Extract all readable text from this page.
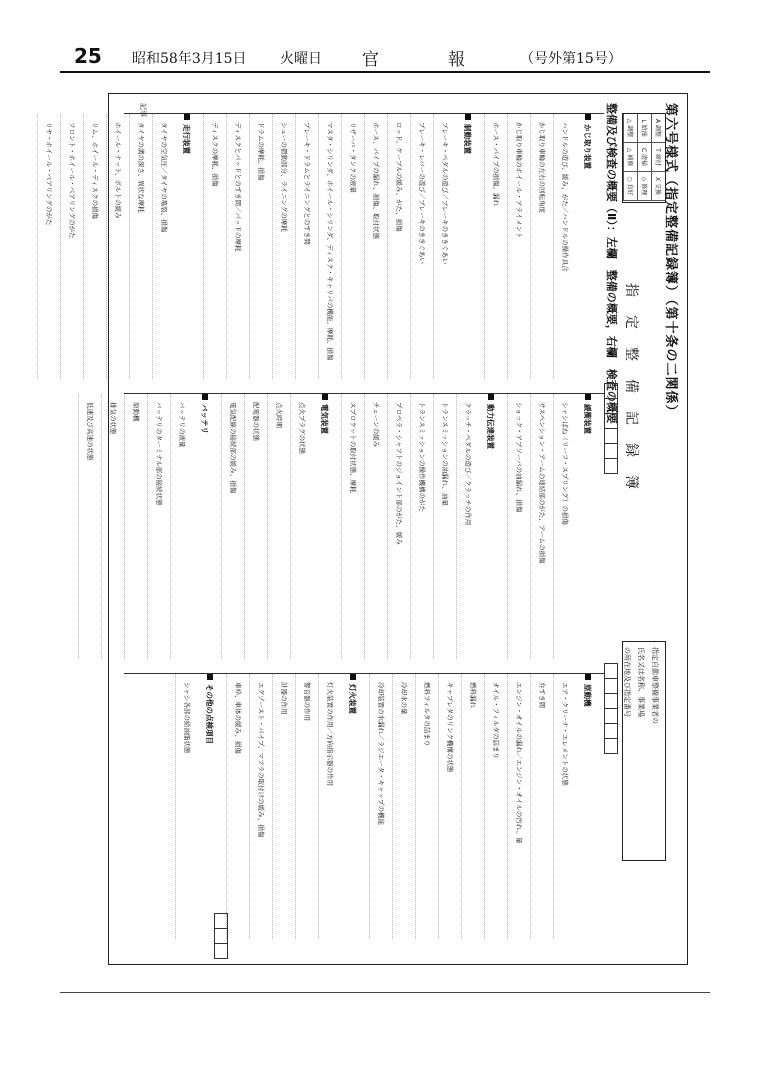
25 昭和58年3月15日 火曜日 官	報	（号外第15号）
第六号様式（指定整備記録簿）（第十条の二関係）
指定整備記録簿
A 調整
T 締付
X 交換
L 給油
C 清掃
◇ 修理
△ 調整
△ 補修
○ 良好
指定自動車整備事業者の
氏名又は名称、事業場
の所在地及び指定番号
整備及び検査の概要（Ⅱ）：左欄　整備の概要，右欄　検査の概要
かじ取り装置
ハンドルの遊び、緩み、がた／ハンドルの操作具合
かじ取り車輪の左右の回転角度
かじ取り車輪のホイール・アライメント
ホース・パイプの損傷、漏れ
制動装置
ブレーキ・ペダルの遊び／ブレーキのききぐあい
ブレーキ・レバーの遊び／ブレーキのききぐあい
ロッド、ケーブルの緩み、がた、損傷
ホース、パイプの漏れ、損傷、取付状態
リザーバ・タンクの液量
マスタ・シリンダ、ホイール・シリンダ、ディスク・キャリパの機能、摩耗、損傷
ブレーキ・ドラムとライニングとのすき間
シューの摺動部分、ライニングの摩耗
ドラムの摩耗、損傷
ディスクとパッドとのすき間／パッドの摩耗
ディスクの摩耗、損傷
走行装置
タイヤの空気圧／タイヤの亀裂、損傷
タイヤの溝の深さ、異状な摩耗
ホイール・ナット、ボルトの緩み
リム、ホイール・ディスクの損傷
フロント・ホイール・ベアリングのがた
リヤ・ホイール・ベアリングのがた
緩衝装置
シャシばね（リーフ・スプリング）の損傷
サスペンション・アームの連結部のがた、アームの損傷
ショック・アブソーバの油漏れ、損傷
動力伝達装置
クラッチ・ペダルの遊び／クラッチの作用
トランスミッションの油漏れ、油量
トランスミッションの操作機構のがた
プロペラ・シャフトのジョイント部のがた、緩み
チェーンの緩み
スプロケットの取付状態、摩耗
電気装置
点火プラグの状態
点火時期
配電器の状態
電気配線の接続部の緩み、損傷
バッテリ
バッテリの液量
バッテリのターミナル部の接続状態
原動機
排気の状態
低速及び高速の状態
原動機
エア・クリーナ・エレメントの状態
弁すき間
エンジン・オイルの漏れ／エンジン・オイルの汚れ、量
オイル・フィルタの詰まり
燃料漏れ
キャブレタのリンク機構の状態
燃料フィルタの詰まり
冷却水の量
冷却装置の水漏れ／ラジエータ・キャップの機能
灯火装置
灯火装置の作用／方向指示器の作用
警音器の作用
計器の作用
エグゾースト・パイプ、マフラの取付けの緩み、損傷
車枠、車体の緩み、損傷
その他の点検項目
シャシ各部の給油脂状態
記事
